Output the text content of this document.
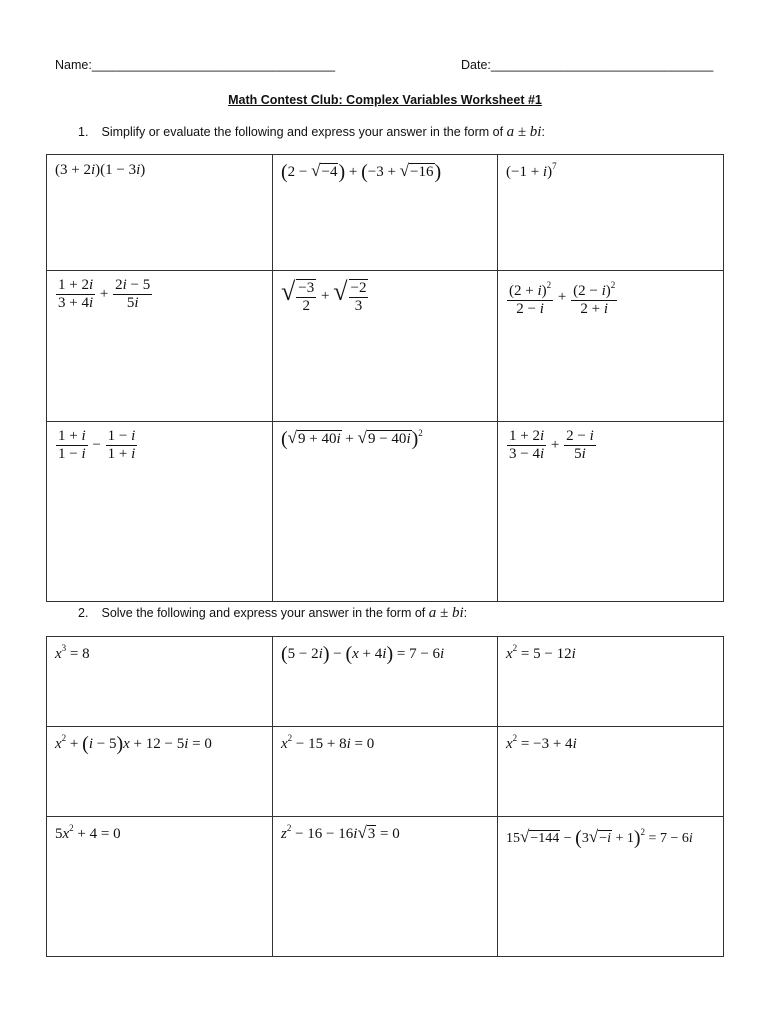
Name:___________________________________	Date:________________________________
Math Contest Club: Complex Variables Worksheet #1
1. Simplify or evaluate the following and express your answer in the form of a ± bi:
(3 + 2i)(1 − 3i)	(2 − √−4) + (−3 + √−16)	$(-1 + i)^7$

$\frac{1 + 2i}{3 + 4i} + \frac{2i - 5}{5i}$	√ $\frac{-3}{2}$ + √ $\frac{-2}{3}$	$\frac{(2 + i)^2}{2 - i} + \frac{(2 - i)^2}{2 + i}$

$\frac{1 + i}{1 - i} - \frac{1 - i}{1 + i}$	$(√9 + 40i + √9 - 40i)^2$	$\frac{1 + 2i}{3 - 4i} + \frac{2 - i}{5i}$
2. Solve the following and express your answer in the form of a ± bi:
$x^3 = 8$	(5 − 2i) − (x + 4i) = 7 − 6i	$x^2 = 5 - 12i$
$x^2 + (i - 5)x + 12 - 5i = 0$	$x^2 - 15 + 8i = 0$	$x^2 = -3 + 4i$
$5x^2 + 4 = 0$	$z^2 - 16 - 16i√3 = 0$	$15√-144 - (3√-i + 1)^2 = 7 - 6i$
